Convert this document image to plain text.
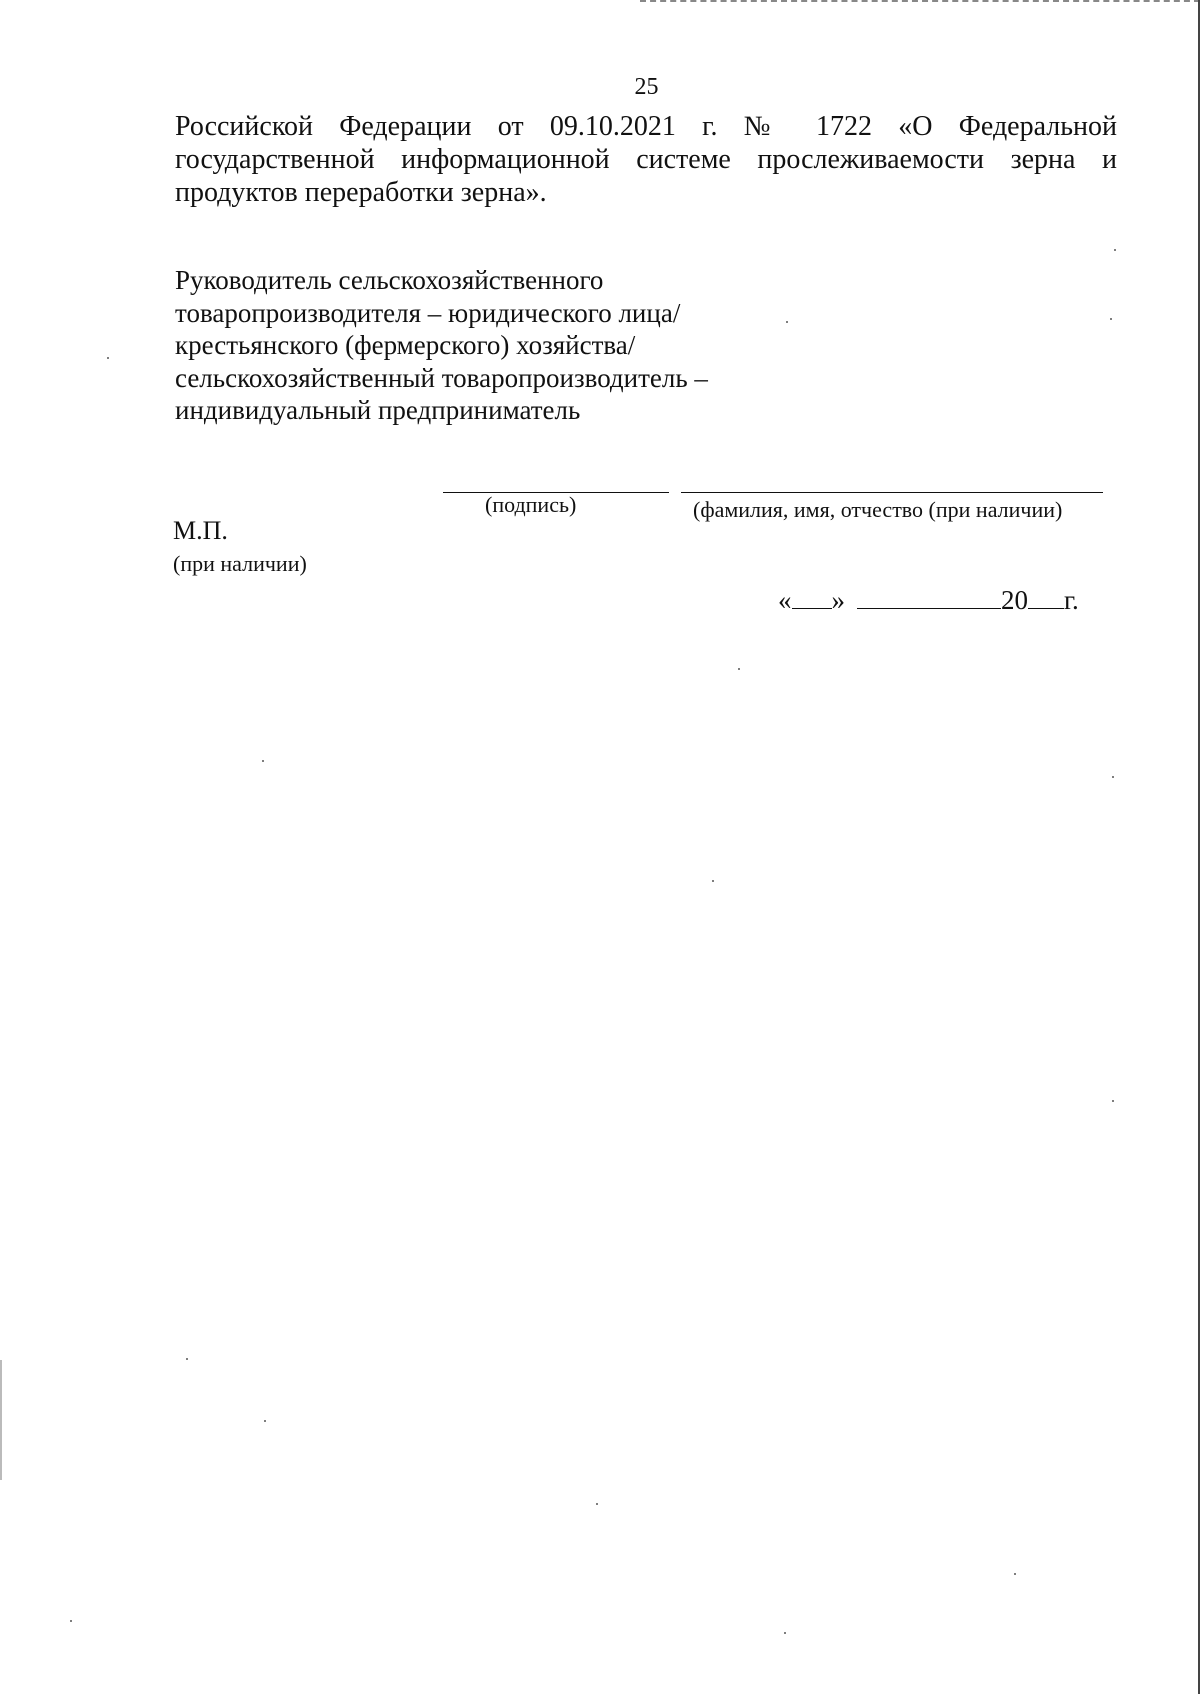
25
Российской Федерации от 09.10.2021 г. № 1722 «О Федеральной
государственной информационной системе прослеживаемости зерна и
продуктов переработки зерна».
Руководитель сельскохозяйственного
товаропроизводителя – юридического лица/
крестьянского (фермерского) хозяйства/
сельскохозяйственный товаропроизводитель –
индивидуальный предприниматель
(подпись)	(фамилия, имя, отчество (при наличии)
М.П.
(при наличии)
« »	20 г.
